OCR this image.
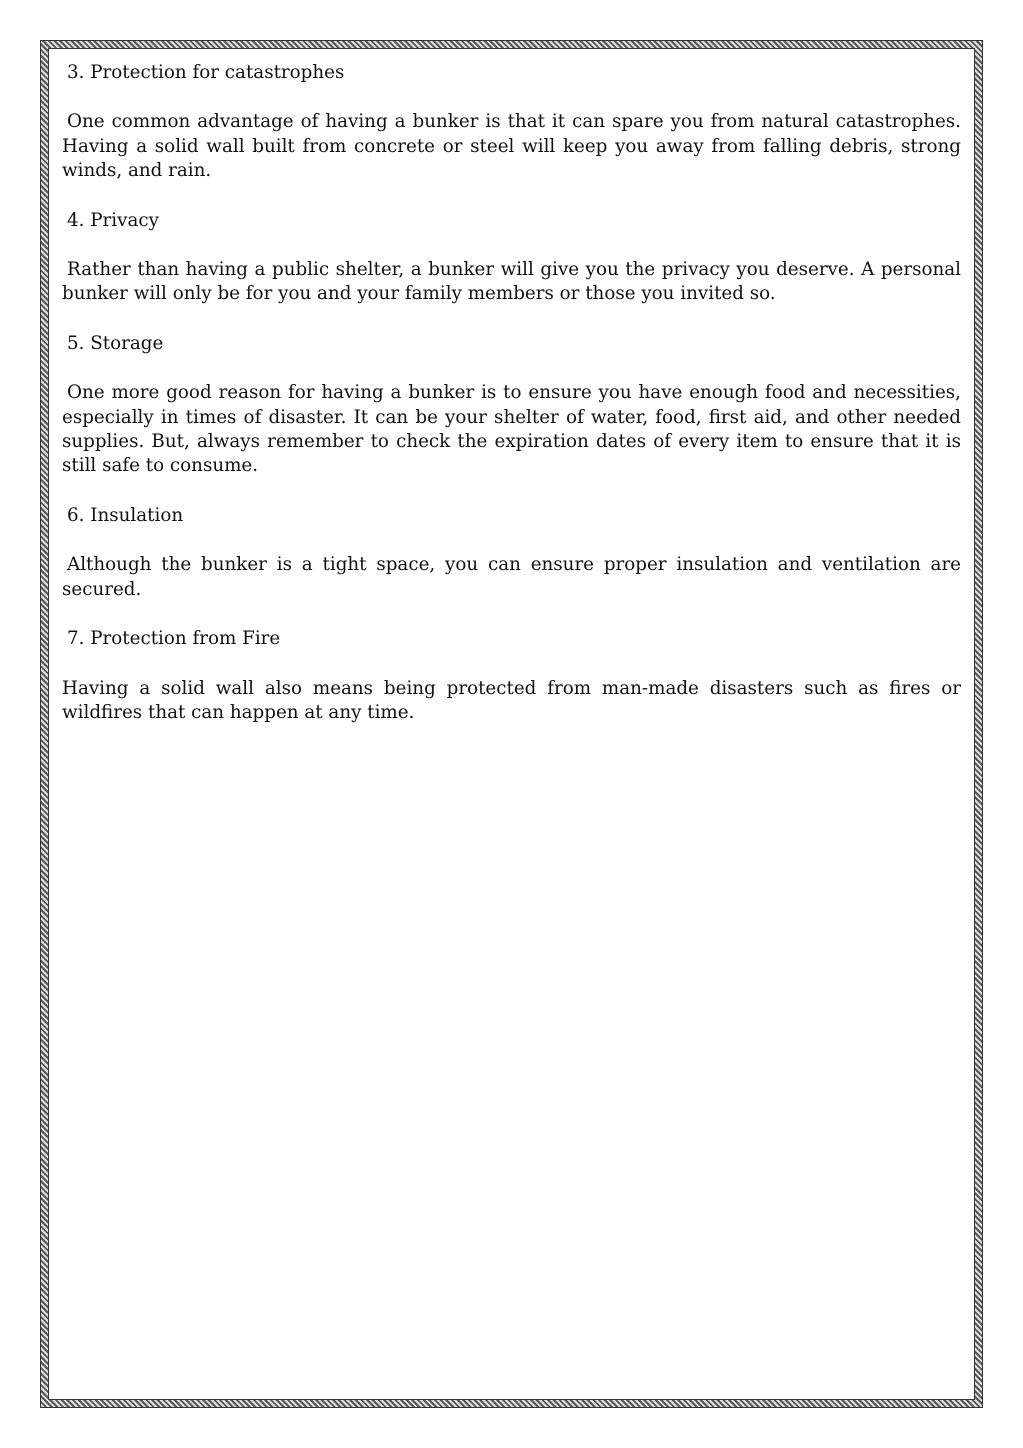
3. Protection for catastrophes

One common advantage of having a bunker is that it can spare you from natural catastrophes. Having a solid wall built from concrete or steel will keep you away from falling debris, strong winds, and rain.

4. Privacy

Rather than having a public shelter, a bunker will give you the privacy you deserve. A personal bunker will only be for you and your family members or those you invited so.

5. Storage

One more good reason for having a bunker is to ensure you have enough food and necessities, especially in times of disaster. It can be your shelter of water, food, first aid, and other needed supplies. But, always remember to check the expiration dates of every item to ensure that it is still safe to consume.

6. Insulation

Although the bunker is a tight space, you can ensure proper insulation and ventilation are secured.

7. Protection from Fire

Having a solid wall also means being protected from man-made disasters such as fires or wildfires that can happen at any time.
